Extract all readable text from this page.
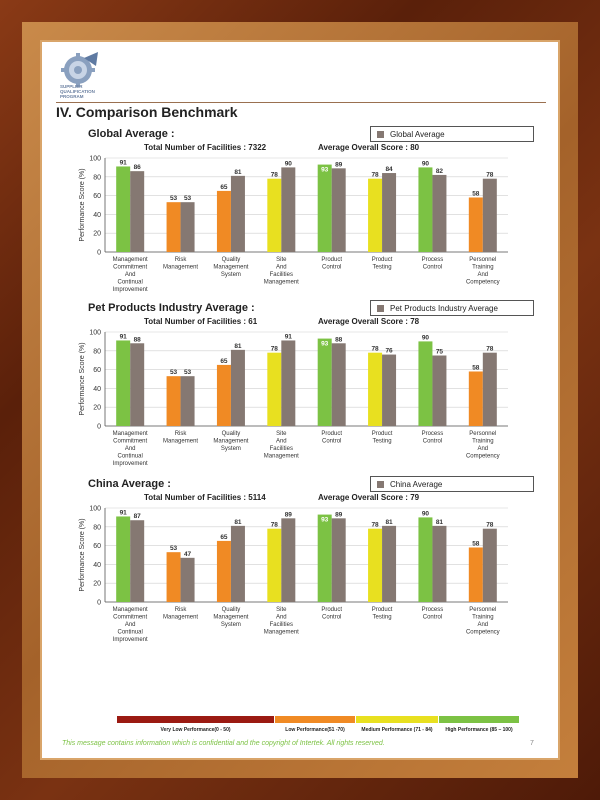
SUPPLIER
QUALIFICATION
PROGRAM
IV. Comparison Benchmark
Global Average :	Global Average
Total Number of Facilities : 7322	Average Overall Score : 80
0
20
40
60
80
100
Performance Score (%)
91
86
Management Commitment And Continual Improvement
53 53
Risk Management
65
81
Quality Management System
78
90
Site And Facilities Management
93
89
Product Control
78
84
Product Testing
90
82
Process Control
58
78
Personnel Training And Competency
Pet Products Industry Average :	Pet Products Industry Average
Total Number of Facilities : 61	Average Overall Score : 78
0
20
40
60
80
100
Performance Score (%)
91 88
Management Commitment And Continual Improvement
53 53
Risk Management
65
81
Quality Management System
78
91
Site And Facilities Management
93
88
Product Control
78 76
Product Testing
90
75
Process Control
58
78
Personnel Training And Competency
China Average :	China Average
Total Number of Facilities : 5114	Average Overall Score : 79
0
20
40
60
80
100
Performance Score (%)
91
87
Management Commitment And Continual Improvement
53
47
Risk Management
65
81
Quality Management System
78
89
Site And Facilities Management
93
89
Product Control
78 81
Product Testing
90
81
Process Control
58
78
Personnel Training And Competency
Very Low Performance(0 - 50)	Low Performance(51 -70)	Medium Performance (71 - 84)	High Performance (85 – 100)
This message contains information which is confidential and the copyright of Intertek. All rights reserved.	7
